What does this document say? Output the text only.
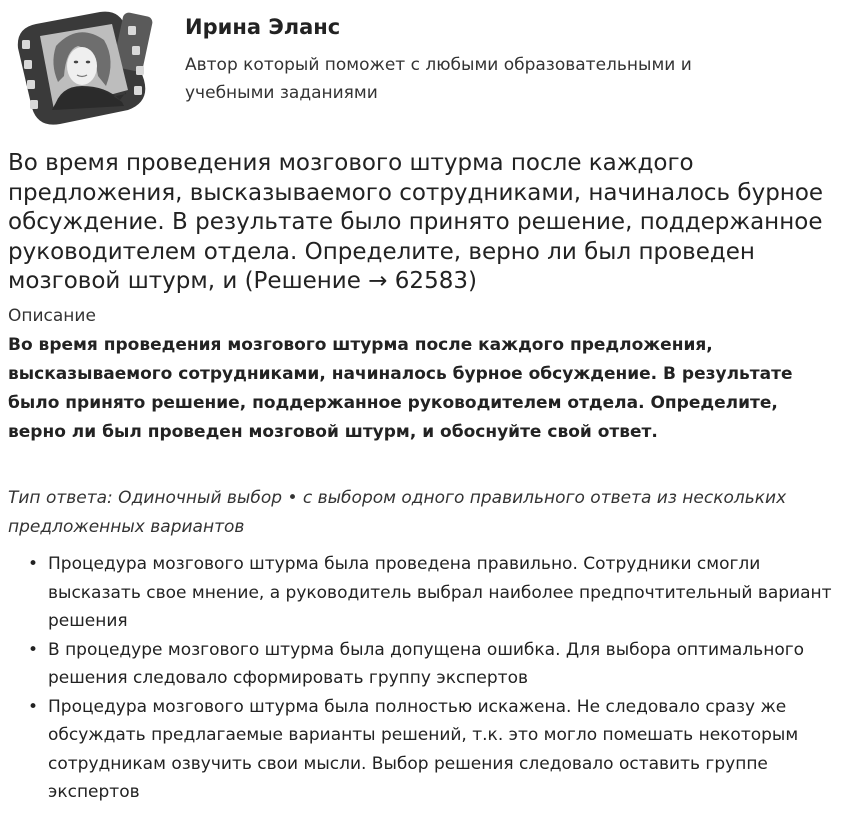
Ирина Эланс
Автор который поможет с любыми образовательными и учебными заданиями
Во время проведения мозгового штурма после каждого предложения, высказываемого сотрудниками, начиналось бурное обсуждение. В результате было принято решение, поддержанное руководителем отдела. Определите, верно ли был проведен мозговой штурм, и (Решение → 62583)
Описание
Во время проведения мозгового штурма после каждого предложения, высказываемого сотрудниками, начиналось бурное обсуждение. В результате было принято решение, поддержанное руководителем отдела. Определите, верно ли был проведен мозговой штурм, и обоснуйте свой ответ.
Тип ответа: Одиночный выбор • с выбором одного правильного ответа из нескольких предложенных вариантов
• Процедура мозгового штурма была проведена правильно. Сотрудники смогли высказать свое мнение, а руководитель выбрал наиболее предпочтительный вариант решения
• В процедуре мозгового штурма была допущена ошибка. Для выбора оптимального решения следовало сформировать группу экспертов
• Процедура мозгового штурма была полностью искажена. Не следовало сразу же обсуждать предлагаемые варианты решений, т.к. это могло помешать некоторым сотрудникам озвучить свои мысли. Выбор решения следовало оставить группе экспертов
